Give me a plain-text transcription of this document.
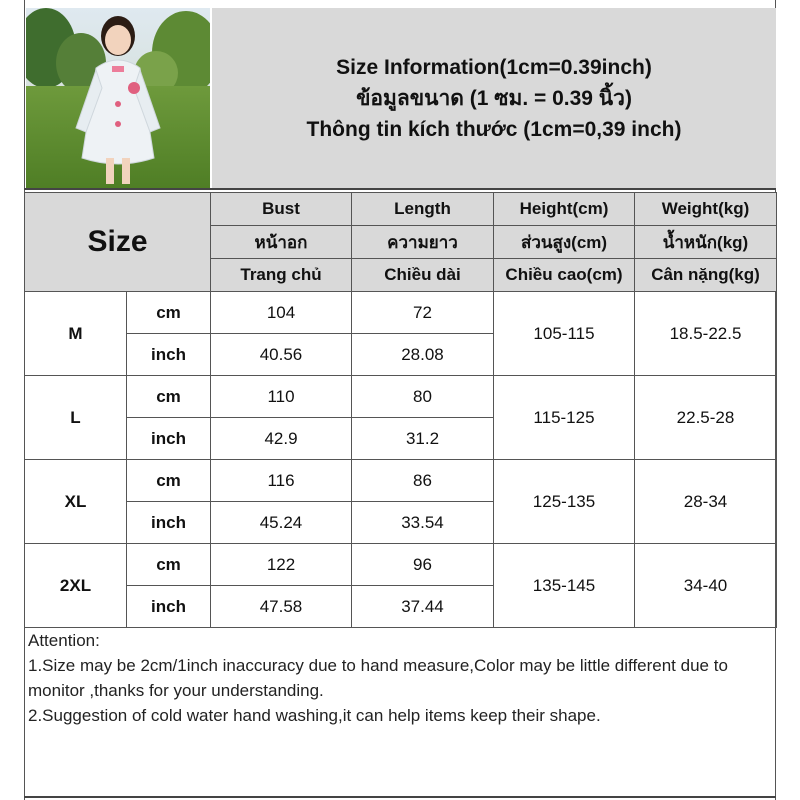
Size Information(1cm=0.39inch)
ข้อมูลขนาด (1 ซม. = 0.39 นิ้ว)
Thông tin kích thước (1cm=0,39 inch)
Size		Bust	Length	Height(cm)	Weight(kg)
		หน้าอก	ความยาว	ส่วนสูง(cm)	น้ำหนัก(kg)
		Trang chủ	Chiều dài	Chiều cao(cm)	Cân nặng(kg)
M	cm	104	72	105-115	18.5-22.5
	inch	40.56	28.08		
L	cm	110	80	115-125	22.5-28
	inch	42.9	31.2		
XL	cm	116	86	125-135	28-34
	inch	45.24	33.54		
2XL	cm	122	96	135-145	34-40
	inch	47.58	37.44		
Attention:
1.Size may be 2cm/1inch inaccuracy due to hand measure,Color may be little different due to monitor ,thanks for your understanding.
2.Suggestion of cold water hand washing,it can help items keep their shape.
